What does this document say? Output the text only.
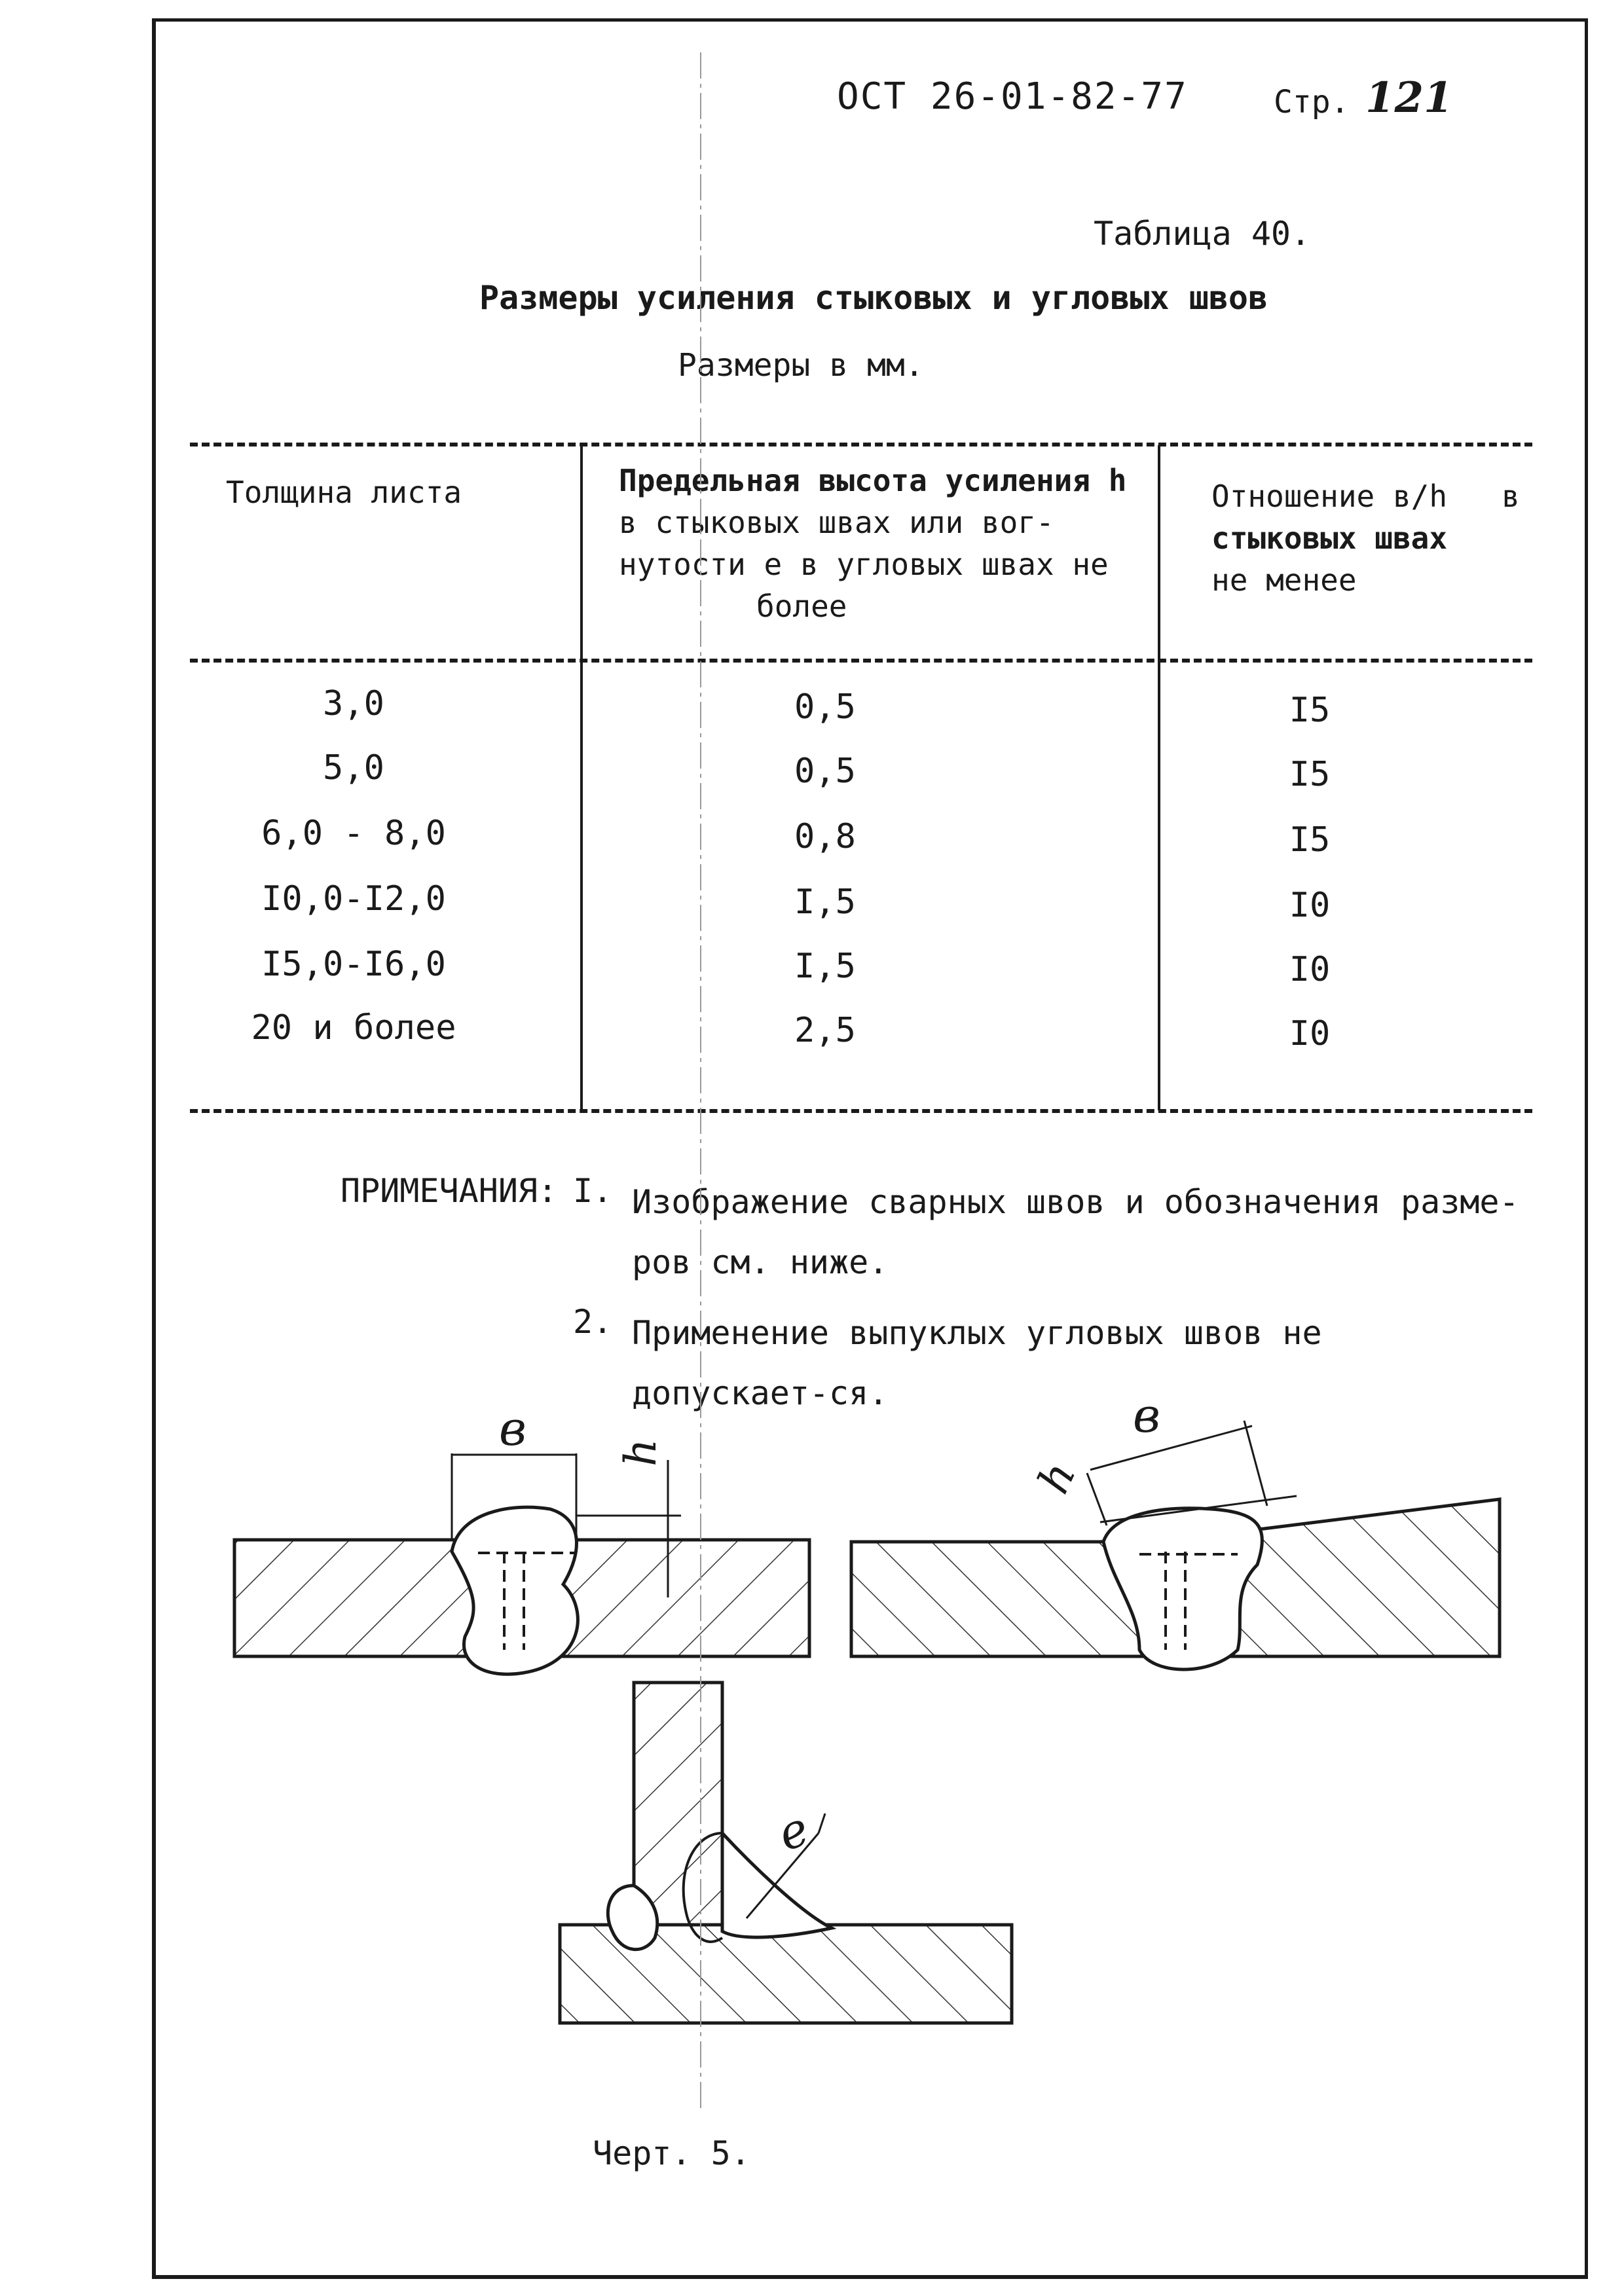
ОСТ 26-01-82-77	Стр. 121
Таблица 40.
Размеры усиления стыковых и угловых швов
Размеры в мм.
Толщина листа	Предельная высота усиления h
в стыковых швах или вог-
нутости e в угловых швах не
более
Отношение в/h   в
стыковых швах
не менее
3,0	0,5	I5
5,0	0,5	I5
6,0 - 8,0	0,8	I5
I0,0-I2,0	I,5	I0
I5,0-I6,0	I,5	I0
20 и более	2,5	I0
ПРИМЕЧАНИЯ: I. Изображение сварных швов и обозначения разме-ров см. ниже.
2. Применение выпуклых угловых швов не допускает-ся.
в h
в
h
е
Черт. 5.
